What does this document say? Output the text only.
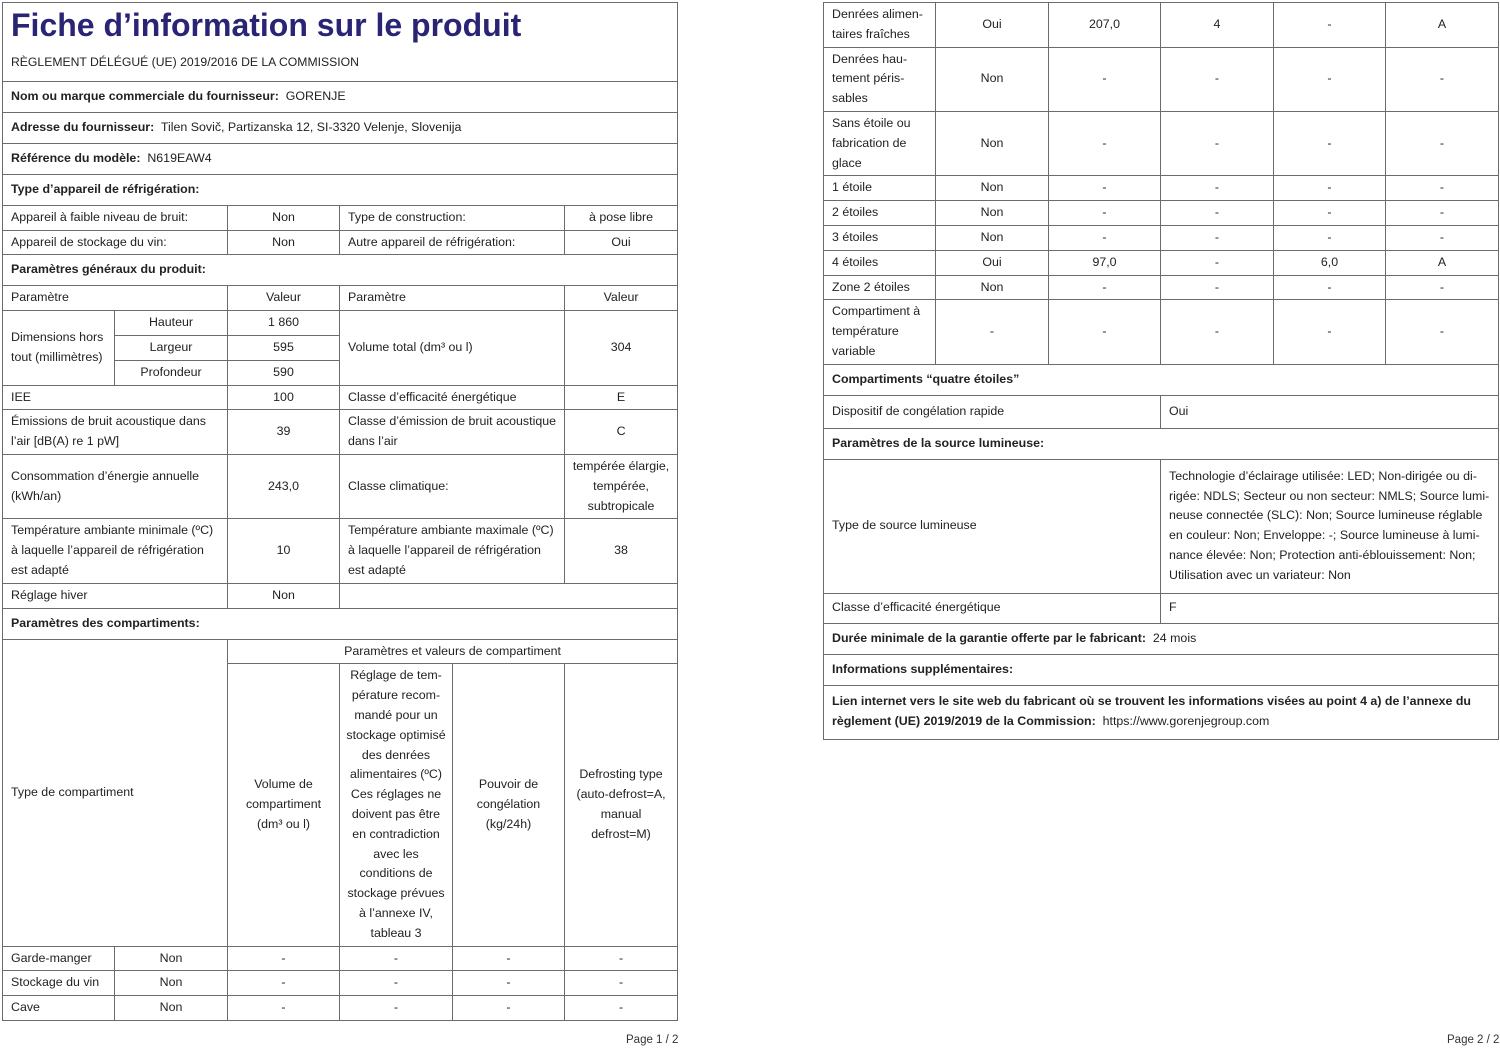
Fiche d’information sur le produit
RÈGLEMENT DÉLÉGUÉ (UE) 2019/2016 DE LA COMMISSION					

Nom ou marque commerciale du fournisseur: GORENJE					
Adresse du fournisseur: Tilen Sovič, Partizanska 12, SI-3320 Velenje, Slovenija					
Référence du modèle: N619EAW4					
Type d’appareil de réfrigération:					
Appareil à faible niveau de bruit:		Non	Type de construction:		à pose libre
Appareil de stockage du vin:		Non	Autre appareil de réfrigération:		Oui
Paramètres généraux du produit:					
Paramètre		Valeur	Paramètre		Valeur
Dimensions hors tout (millimètres)	Hauteur	1 860	Volume total (dm³ ou l)		304
	Largeur	595			
	Profondeur	590			
IEE		100	Classe d’efficacité énergétique		E
Émissions de bruit acoustique dans l’air [dB(A) re 1 pW]		39	Classe d’émission de bruit acoustique dans l’air		C
Consommation d’énergie annuelle (kWh/an)		243,0	Classe climatique:		tempérée élargie, tempérée, subtropicale
Température ambiante minimale (ºC) à laquelle l’appareil de réfrigération est adapté		10	Température ambiante maximale (ºC) à laquelle l’appareil de réfrigération est adapté		38
Réglage hiver		Non			
Paramètres des compartiments:					
Type de compartiment		Paramètres et valeurs de compartiment			
		Volume de compartiment (dm³ ou l)	Réglage de température recommandé pour un stockage optimisé des denrées alimentaires (ºC) Ces réglages ne doivent pas être en contradiction avec les conditions de stockage prévues à l’annexe IV, tableau 3	Pouvoir de congélation (kg/24h)	Defrosting type (auto-defrost=A, manual defrost=M)
Garde-manger	Non	-	-	-	-
Stockage du vin	Non	-	-	-	-
Cave	Non	-	-	-	-
Page 1 / 2
Denrées alimentaires fraîches	Oui	207,0	4	-	A
Denrées hautement périssables	Non	-	-	-	-
Sans étoile ou fabrication de glace	Non	-	-	-	-
1 étoile	Non	-	-	-	-
2 étoiles	Non	-	-	-	-
3 étoiles	Non	-	-	-	-
4 étoiles	Oui	97,0	-	6,0	A
Zone 2 étoiles	Non	-	-	-	-
Compartiment à température variable	-	-	-	-	-
Compartiments “quatre étoiles”					
Dispositif de congélation rapide			Oui		
Paramètres de la source lumineuse:					
Type de source lumineuse			Technologie d’éclairage utilisée: LED; Non-dirigée ou dirigée: NDLS; Secteur ou non secteur: NMLS; Source lumineuse connectée (SLC): Non; Source lumineuse réglable en couleur: Non; Enveloppe: -; Source lumineuse à luminance élevée: Non; Protection anti-éblouissement: Non; Utilisation avec un variateur: Non		
Classe d’efficacité énergétique			F		
Durée minimale de la garantie offerte par le fabricant: 24 mois					
Informations supplémentaires:					
Lien internet vers le site web du fabricant où se trouvent les informations visées au point 4 a) de l’annexe du règlement (UE) 2019/2019 de la Commission: https://www.gorenjegroup.com					
Page 2 / 2
